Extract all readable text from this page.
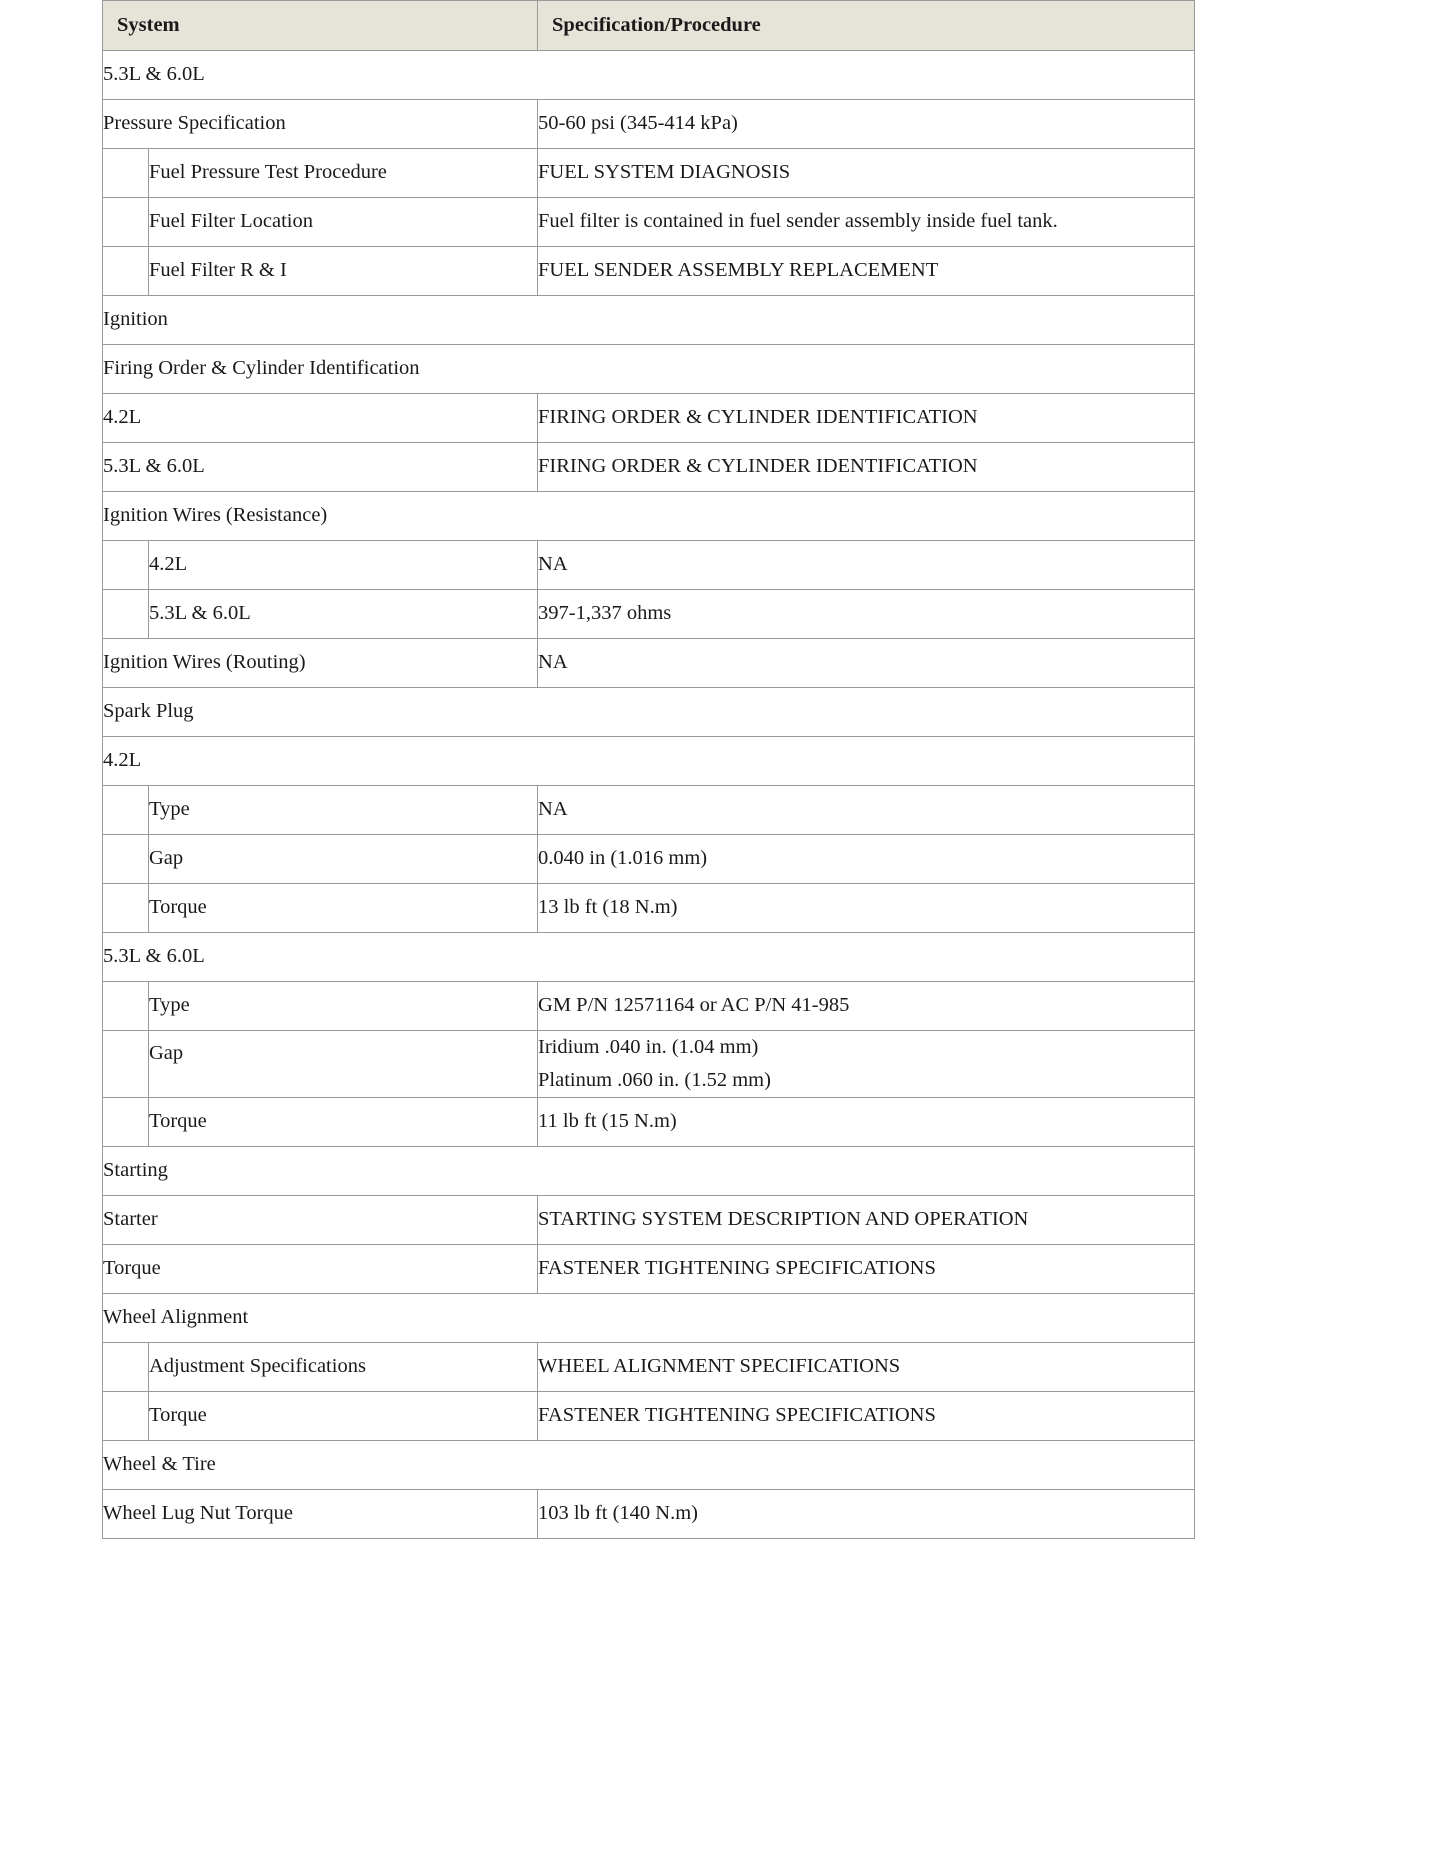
System		Specification/Procedure
5.3L & 6.0L		
Pressure Specification		50-60 psi (345-414 kPa)
	Fuel Pressure Test Procedure	FUEL SYSTEM DIAGNOSIS
	Fuel Filter Location	Fuel filter is contained in fuel sender assembly inside fuel tank.
	Fuel Filter R & I	FUEL SENDER ASSEMBLY REPLACEMENT
Ignition		
Firing Order & Cylinder Identification		
4.2L		FIRING ORDER & CYLINDER IDENTIFICATION
5.3L & 6.0L		FIRING ORDER & CYLINDER IDENTIFICATION
Ignition Wires (Resistance)		
	4.2L	NA
	5.3L & 6.0L	397-1,337 ohms
Ignition Wires (Routing)		NA
Spark Plug		
4.2L		
	Type	NA
	Gap	0.040 in (1.016 mm)
	Torque	13 lb ft (18 N.m)
5.3L & 6.0L		
	Type	GM P/N 12571164 or AC P/N 41-985

	Gap	Iridium .040 in. (1.04 mm)
Platinum .060 in. (1.52 mm)

	Torque	11 lb ft (15 N.m)
Starting		
Starter		STARTING SYSTEM DESCRIPTION AND OPERATION
Torque		FASTENER TIGHTENING SPECIFICATIONS
Wheel Alignment		
	Adjustment Specifications	WHEEL ALIGNMENT SPECIFICATIONS
	Torque	FASTENER TIGHTENING SPECIFICATIONS
Wheel & Tire		
Wheel Lug Nut Torque		103 lb ft (140 N.m)
